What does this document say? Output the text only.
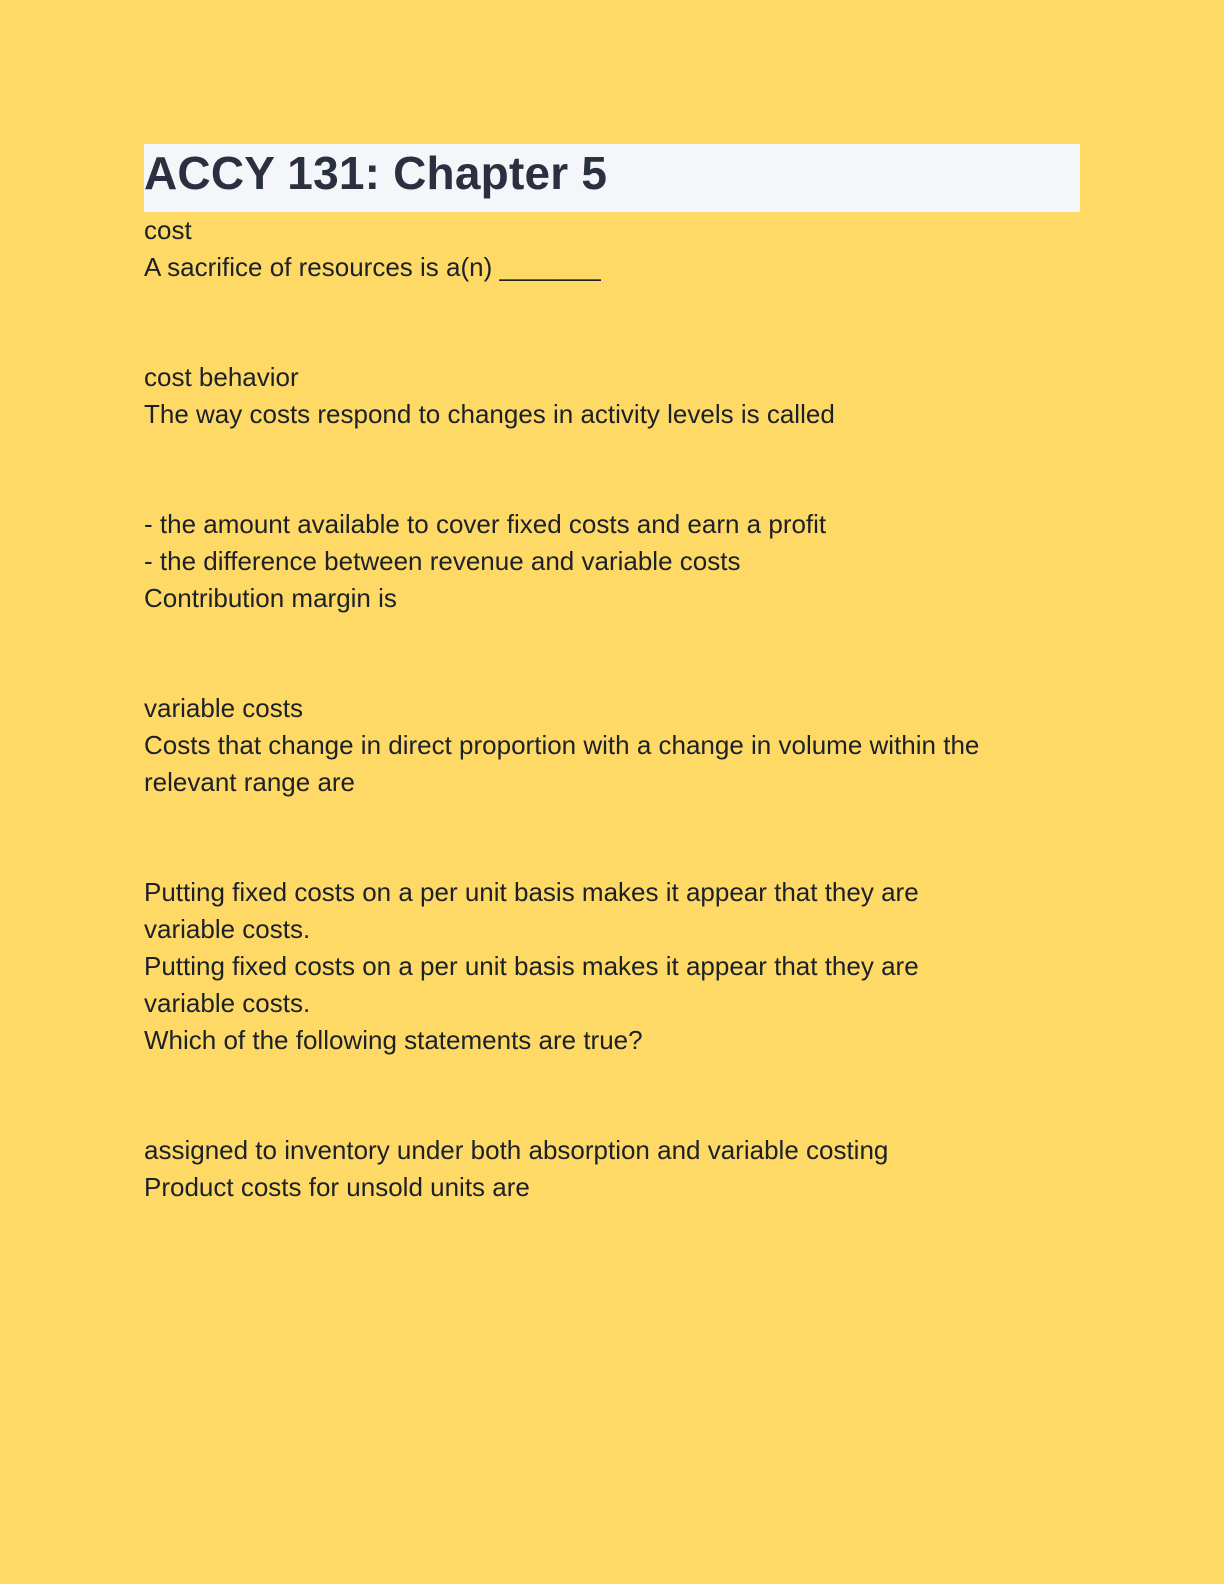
ACCY 131: Chapter 5
cost
A sacrifice of resources is a(n) _______
cost behavior
The way costs respond to changes in activity levels is called
- the amount available to cover fixed costs and earn a profit
- the difference between revenue and variable costs
Contribution margin is
variable costs
Costs that change in direct proportion with a change in volume within the
relevant range are
Putting fixed costs on a per unit basis makes it appear that they are
variable costs.
Putting fixed costs on a per unit basis makes it appear that they are
variable costs.
Which of the following statements are true?
assigned to inventory under both absorption and variable costing
Product costs for unsold units are
